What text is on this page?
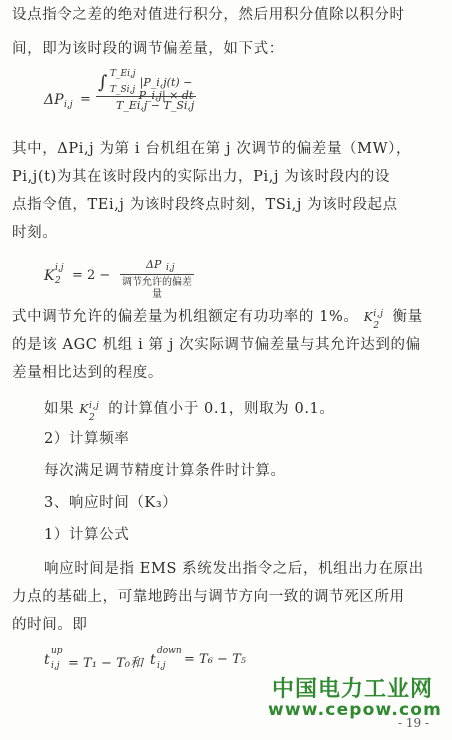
设点指令之差的绝对值进行积分，然后用积分值除以积分时
间，即为该时段的调节偏差量，如下式：
ΔP i,j =
∫ T_Ei,j
T_Si,j
|P_i,j(t) − P_i,j| × dt
T_Ei,j − T_Si,j
其中，ΔPi,j 为第 i 台机组在第 j 次调节的偏差量（MW），
Pi,j(t)为其在该时段内的实际出力，Pi,j 为该时段内的设
点指令值，TEi,j 为该时段终点时刻，TSi,j 为该时段起点
时刻。
K i,j
2 = 2 −
ΔP i,j
调节允许的偏差量
式中调节允许的偏差量为机组额定有功功率的 1%。 K i,j
2
衡量
的是该 AGC 机组 i 第 j 次实际调节偏差量与其允许达到的偏
差量相比达到的程度。
如果 K i,j
2
的计算值小于 0.1，则取为 0.1。
2）计算频率
每次满足调节精度计算条件时计算。
3、响应时间（K₃）
1）计算公式
响应时间是指 EMS 系统发出指令之后，机组出力在原出
力点的基础上，可靠地跨出与调节方向一致的调节死区所用
的时间。即
t
up
i,j = T₁ − T₀和 t
down
i,j = T₆ − T₅
中国电力工业网
www.cepow.com
- 19 -
